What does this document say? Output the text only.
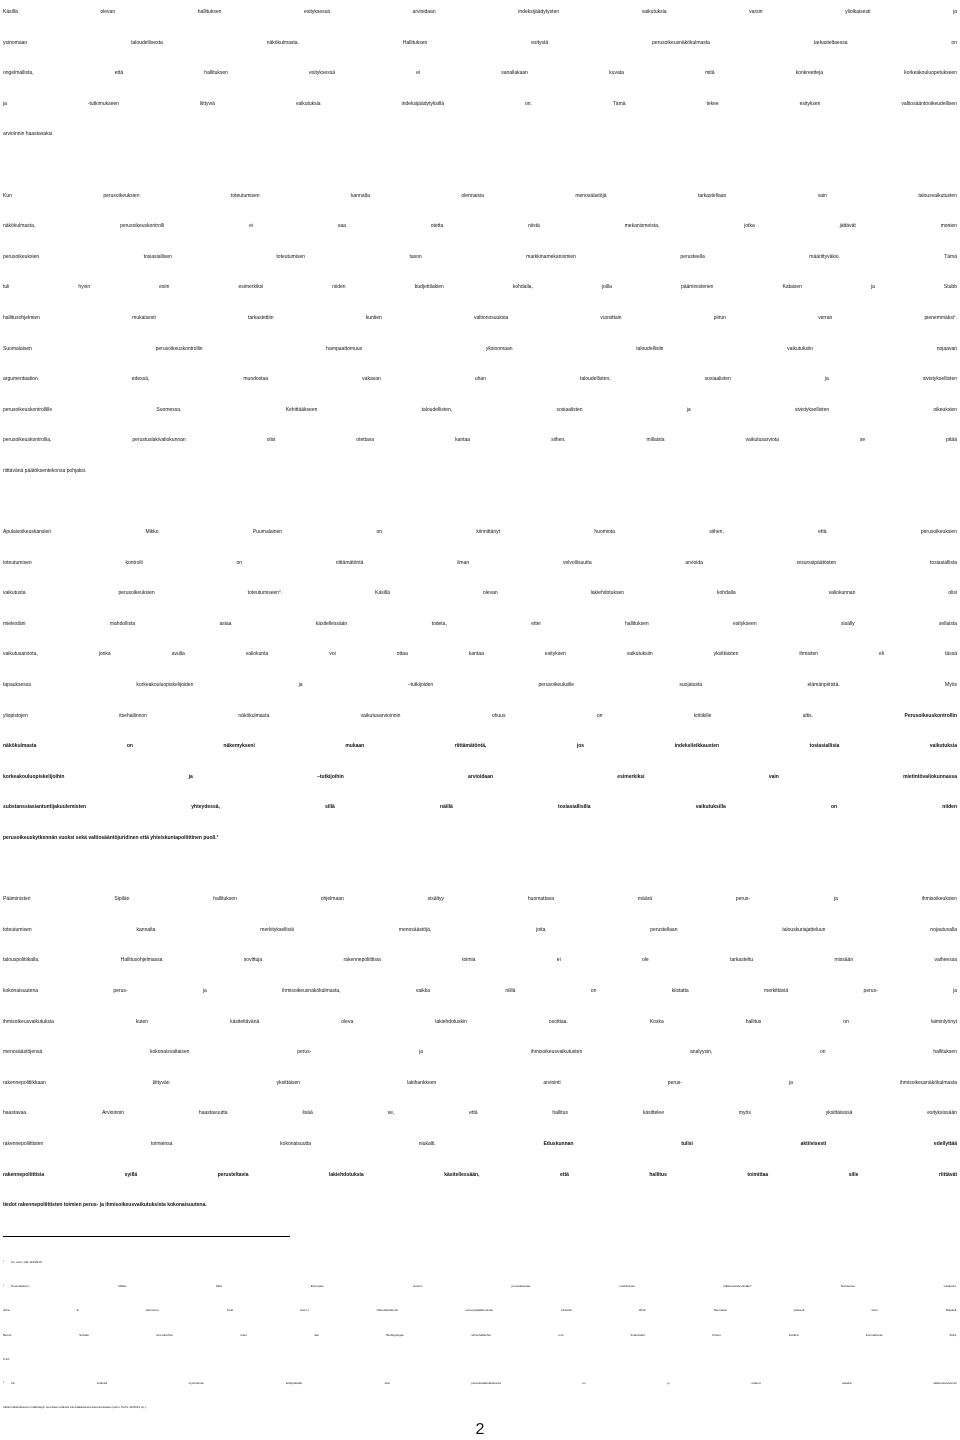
Käsillä olevan hallituksen esityksessä arvioidaan indeksijäädytysten vaikutuksia varsin yliolkaisesti ja
ysinomaan taloudellisesta näkökulmasta. Hallituksen esitystä perusoikeusnäkökulmasta tarkasteltaessa on
ongelmallista, että hallituksen esityksessä ei sanallakaan kuvata mitä konkreetteja korkeakouluopetukseen
ja -tutkimukseen liittyviä vaikutuksia indeksijäädytyksillä on. Tämä tekee esityksen valtiosääntöoikeudellisen
arvioinnin haastavaksi.
Kun perusoikeuksien toteutumisen kannalta olennaisia menosäästöjä tarkastellaan vain talousvaikutusten
näkökulmasta, perusoikeuskontrolli ei saa otetta niistä mekanismeista, jotka jättävät monien
perusoikeuksien tosiasiallisen toteutumisen tason markkinamekanismien perusteella määrittyväksi. Tämä
tuli hyvin esiin esimerkiksi niiden budjettilakien kohdalla, joilla pääministerien Kataisen ja Stubb
hallitusohjelmien mukaisesti tarkastettiin kuntien valtionosuuksia vuosittain piirun verran pienemmäksi$^1$.
Suomalaisen perusoikeuskontrollin hampaattomuus yksinomaan taloudellisiin vaikutuksiin nojaavan
argumentaation edessä, muodostaa vakavan uhan taloudellisten, sosiaalisten ja sivistyksellisten
perusoikeuskontrollille Suomessa. Kehittääkseen taloudellisten, sosiaalisten ja sivistyksellisten oikeuksien
perusoikeuskontrollia, perustuslakivaliokunnan olisi otettava kantaa siihen, millaista vaikutusarviota se pitää
riittävänä päätöksentekonsa pohjaksi.
Apulaisoikeuskansleri Mikko Puumalainen on kiinnittänyt huomiota siihen, että perusoikeuksien
toteutumisen kontrolli on riittämätöntä ilman velvollisuutta arvioida resurssipäätösten tosiasiallista
vaikutusta perusoikeuksien toteutumiseen$^2$. Käsillä olevan lakiehdotuksen kohdalla valiokunnan olisi
mielestäni mahdollista asiaa käsitellessään todeta, ettei hallituksen esitykseen sisälly sellaista
vaikutusarviota, jonka avulla valiokunta voi ottaa kantaa esityksen vaikutuksiin yksittäisten ihmisten eli tässä
tapauksessa korkeakouluopiskelijoiden ja –tutkijoiden perusoikeuksille suojatusta elämänpiiristä. Myös
yliopistojen itsehallinnon näkökulmasta vaikutusarvioinnin ohuus on kritiikille altis. Perusoikeuskontrollin
näkökulmasta on näkemykseni mukaan riittämätöntä, jos indeksileikkausten tosiasiallisia vaikutuksia
korkeakouluopiskelijoihin ja –tutkijoihin arvioidaan esimerkiksi vain mietintövaliokunnassa
substanssiasiantuntijakuulemisten yhteydessä, sillä näillä tosiasiallisilla vaikutuksilla on niiden
perusoikeuskytkennän vuoksi sekä valtiosääntöjuridinen että yhteiskuntapoliittinen puoli.$^3$
Pääministeri Sipilän hallituksen ohjelmaan sisältyy huomattava määrä perus- ja ihmisoikeuksien
toteutumisen kannalta merkityksellisiä menosäästöjä, joita perustellaan talouskuriajatteluun nojautuvalla
talouspolitiikalla. Hallitusohjelmassa sovittuja rakennepoliittisia toimia ei ole tarkasteltu missään vaiheessa
kokonaisuutena perus- ja ihmisoikeusnäkökulmasta, vaikka niillä on kiistatta merkittäviä perus- ja
ihmisoikeusvaikutuksia kuten käsiteltävänä oleva lakiehdotuskin osoittaa. Koska hallitus on laiminlyönyt
menosäästöjensä kokonaisvaltaisen perus- ja ihmisoikeusvaikutusten analyysin, on hallituksen
rakennepolitiikkaan liittyvän yksittäisen lakihankkeen arviointi perus- ja ihmisoikeusnäkökulmasta
haastavaa. Arvioinnin haastavuutta lisää se, että hallitus käsittelee myös yksittäisissä esityksissään
rakennepoliittisten toimiensa kokonaisuutta niukalti. Eduskunnan tulisi aktiivisesti edellyttää
rakennepoliittisia syillä perusteltavia lakiehdotuksia käsitellessään, että hallitus toimittaa sille riittävät
tiedot rakennepoliittisten toimien perus- ja ihmisoikeusvaikutuksista kokonaisuutena.
$^1$ Ks. esim. HE 113/2013.
$^2$ Puumalainen, Mikko: Mitä Euroopan unionin perusoikeudet merkitsevät laillisuusvalvonnalle? Teoksessa Lavapuro,
Juha & Heinonen, Tuuli (toim.): Oikeuskulttuurin eurooppalaistuminen. Helsinki 2012. Teemasta yleisesti esim. Maydell,
Bernd: Soziale Grundrechte unter den Bedingungen wirtschaftlicher und finanzieller Krisen. Iuridica International 2012,
5-10.
$^3$ On sinänsä myönteinen kehityskulku, että perustuslakivaliokunta on jo ottanut askelia vaikutusarvioinnin
vähimmäiskriteerien määrittelyn suuntaan eräissä viimeaikaisissa lausunnoissaan (esim. PeVL 32/2014 vp.).
2
